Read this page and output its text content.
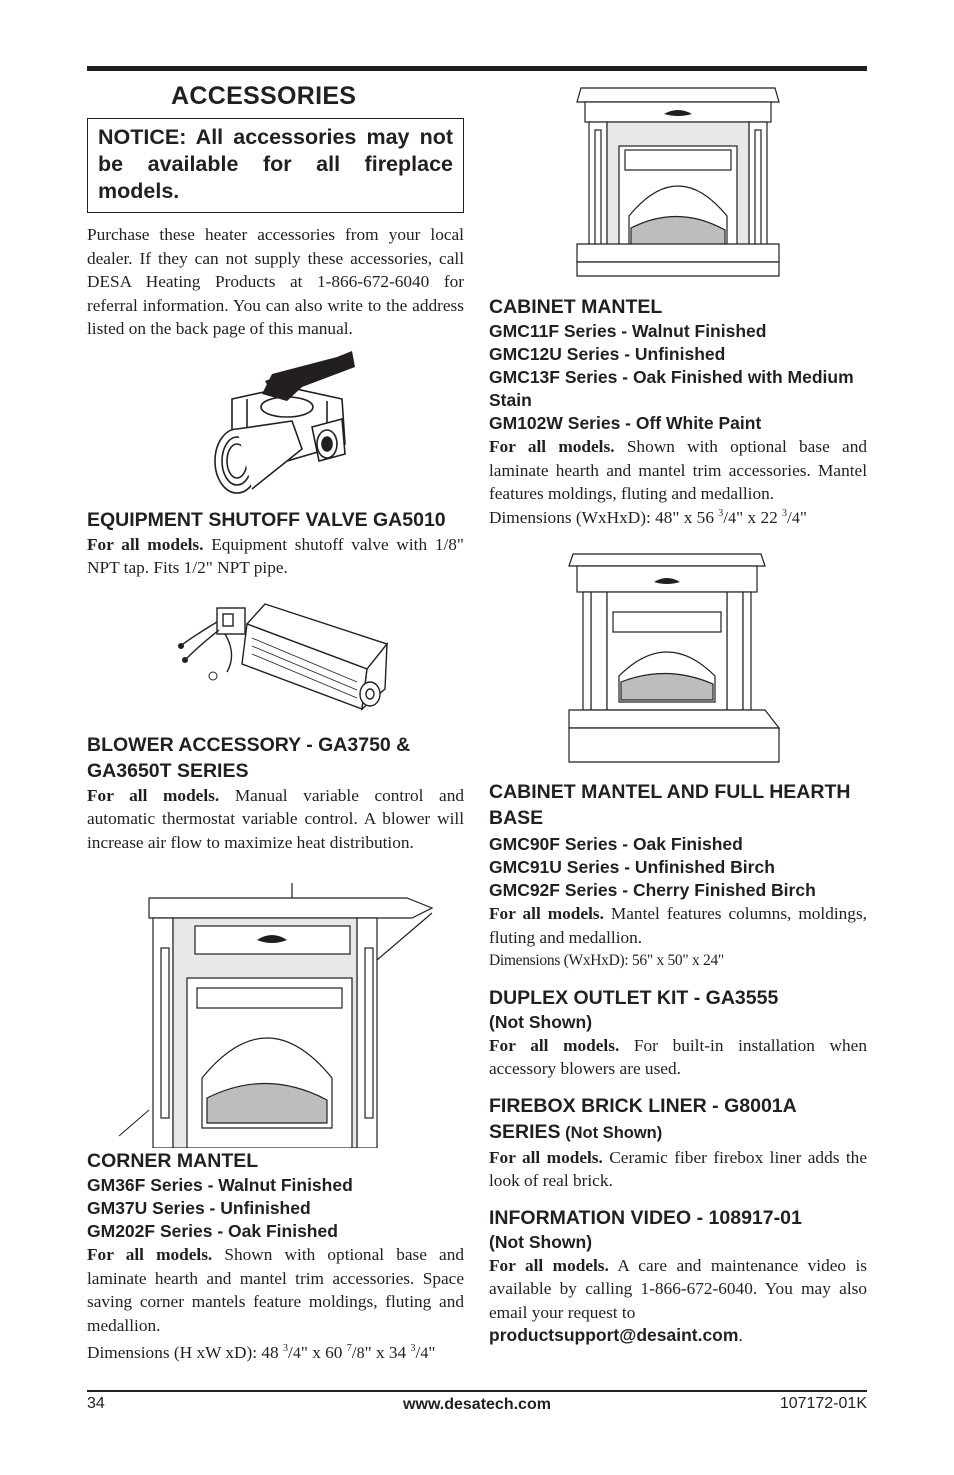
ACCESSORIES
NOTICE: All accessories may not be available for all fireplace models.

Purchase these heater accessories from your local dealer. If they can not supply these accessories, call DESA Heating Products at 1-866-672-6040 for referral information. You can also write to the address listed on the back page of this manual.

EQUIPMENT SHUTOFF VALVE GA5010

For all models. Equipment shutoff valve with 1/8" NPT tap. Fits 1/2" NPT pipe.

BLOWER ACCESSORY - GA3750 & GA3650T SERIES

For all models. Manual variable control and automatic thermostat variable control. A blower will increase air flow to maximize heat distribution.

CORNER MANTEL
GM36F Series - Walnut Finished
GM37U Series - Unfinished
GM202F Series - Oak Finished

For all models. Shown with optional base and laminate hearth and mantel trim accessories. Space saving corner mantels feature moldings, fluting and medallion.

Dimensions (H xW xD): 48 $^3$/4" x 60 $^7$/8" x 34 $^3$/4"

CABINET MANTEL
GMC11F Series - Walnut Finished
GMC12U Series - Unfinished
GMC13F Series - Oak Finished with Medium Stain
GM102W Series - Off White Paint

For all models. Shown with optional base and laminate hearth and mantel trim accessories. Mantel features moldings, fluting and medallion.

Dimensions (WxHxD): 48" x 56 $^3$/4" x 22 $^3$/4"

CABINET MANTEL AND FULL HEARTH BASE
GMC90F Series - Oak Finished
GMC91U Series - Unfinished Birch
GMC92F Series - Cherry Finished Birch

For all models. Mantel features columns, moldings, fluting and medallion.

Dimensions (WxHxD): 56" x 50" x 24"

DUPLEX OUTLET KIT - GA3555
(Not Shown)

For all models. For built-in installation when accessory blowers are used.

FIREBOX BRICK LINER - G8001A SERIES (Not Shown)

For all models. Ceramic fiber firebox liner adds the look of real brick.

INFORMATION VIDEO - 108917-01
(Not Shown)

For all models. A care and maintenance video is available by calling 1-866-672-6040. You may also email your request to

productsupport@desaint.com.
34	www.desatech.com	107172-01K
